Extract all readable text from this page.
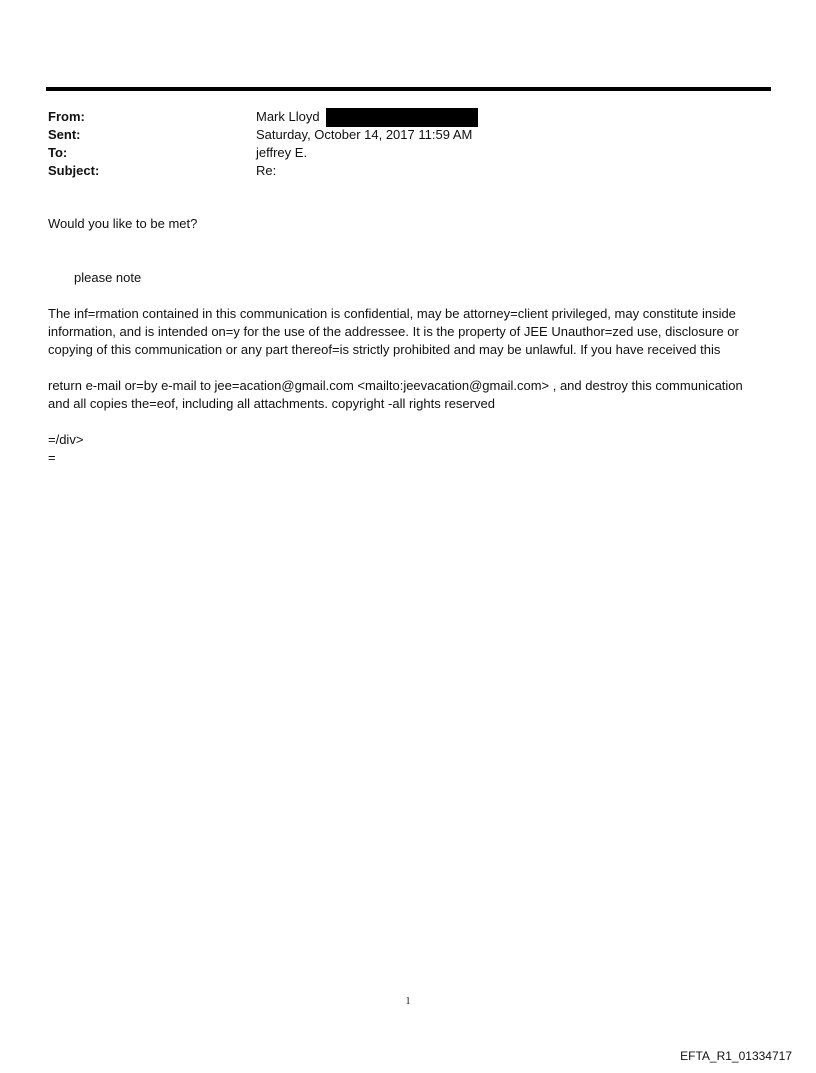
From:	Mark Lloyd
Sent:	Saturday, October 14, 2017 11:59 AM
To:	jeffrey E.
Subject:	Re:

Would you like to be met?

please note

The inf=rmation contained in this communication is confidential, may be attorney=client privileged, may constitute inside information, and is intended on=y for the use of the addressee. It is the property of JEE Unauthor=zed use, disclosure or copying of this communication or any part thereof=is strictly prohibited and may be unlawful. If you have received this

return e-mail or=by e-mail to jee=acation@gmail.com <mailto:jeevacation@gmail.com> , and destroy this communication and all copies the=eof, including all attachments. copyright -all rights reserved

=/div>

=

1
EFTA_R1_01334717
